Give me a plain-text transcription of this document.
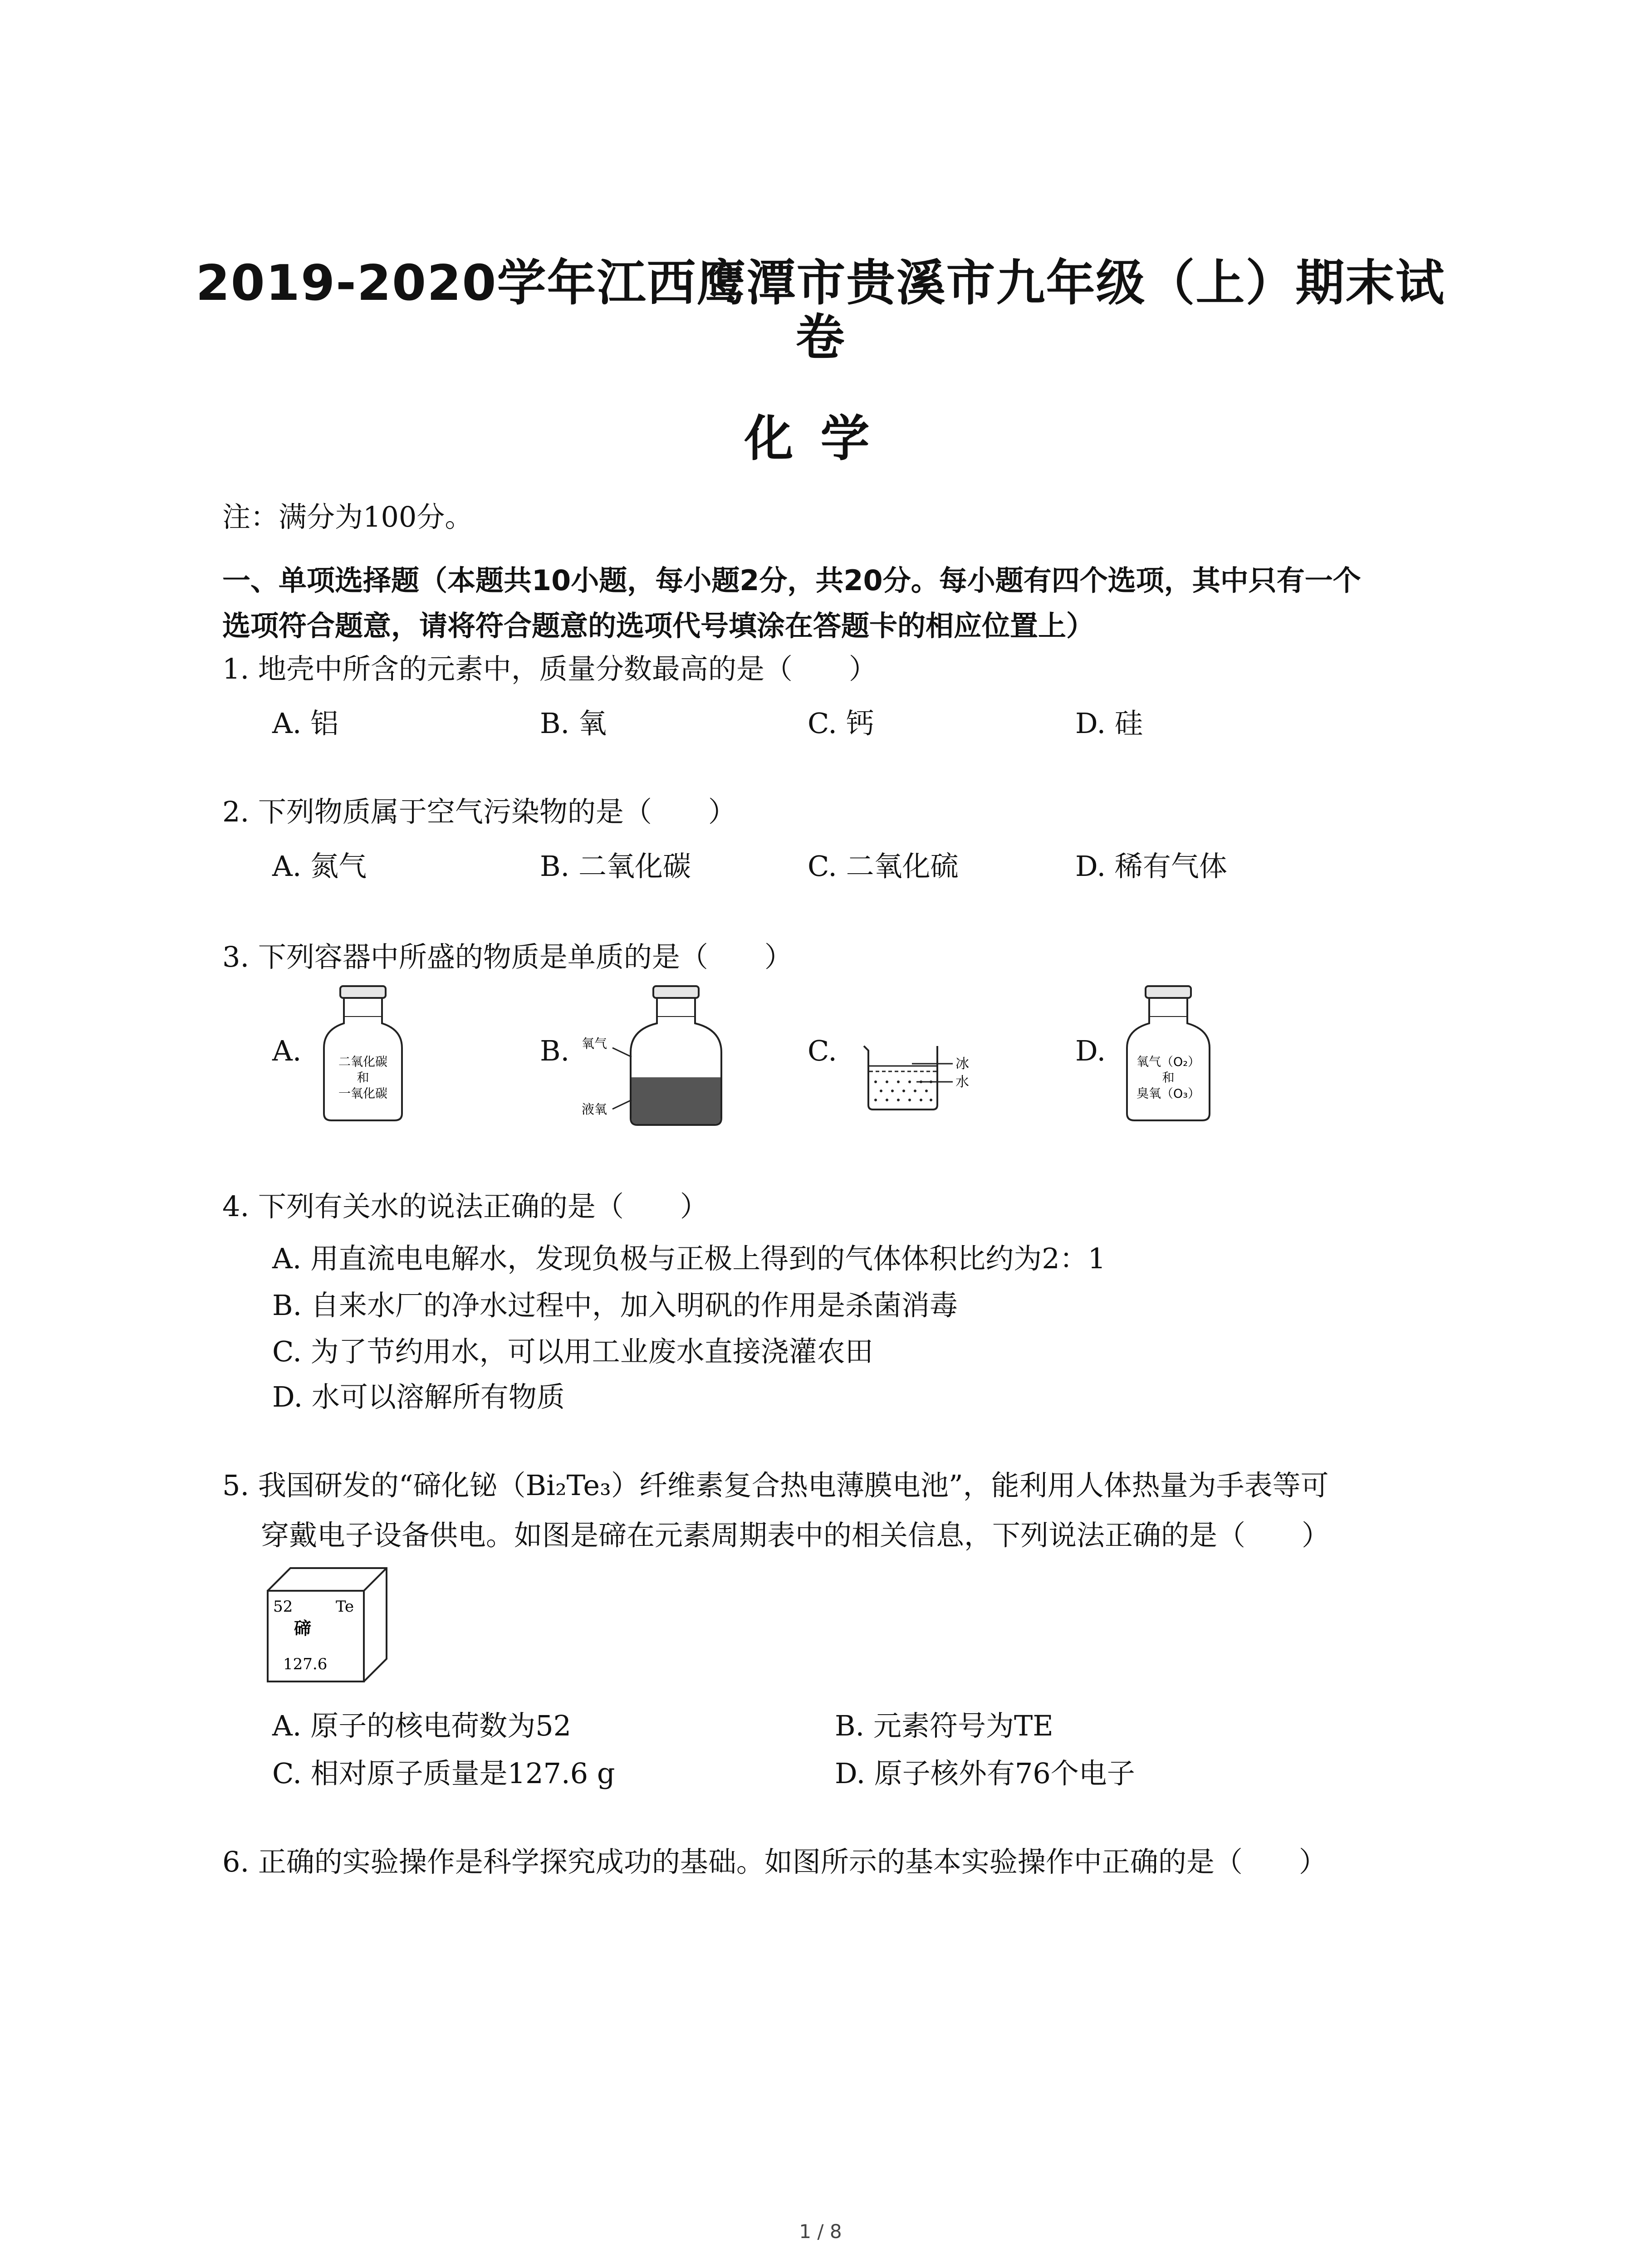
2019-2020学年江西鹰潭市贵溪市九年级（上）期末试
卷
化学
注：满分为100分。
一、单项选择题（本题共10小题，每小题2分，共20分。每小题有四个选项，其中只有一个
选项符合题意，请将符合题意的选项代号填涂在答题卡的相应位置上）
1. 地壳中所含的元素中，质量分数最高的是（　　）
A. 铝	B. 氧	C. 钙	D. 硅
2. 下列物质属于空气污染物的是（　　）
A. 氮气	B. 二氧化碳	C. 二氧化硫	D. 稀有气体
3. 下列容器中所盛的物质是单质的是（　　）
A.	B.	C.	D.
二氧化碳
和
一氧化碳
氧气
液氧
冰
水
氧气（O₂）
和
臭氧（O₃）
4. 下列有关水的说法正确的是（　　）
A. 用直流电电解水，发现负极与正极上得到的气体体积比约为2：1
B. 自来水厂的净水过程中，加入明矾的作用是杀菌消毒
C. 为了节约用水，可以用工业废水直接浇灌农田
D. 水可以溶解所有物质
5. 我国研发的“碲化铋（Bi₂Te₃）纤维素复合热电薄膜电池”，能利用人体热量为手表等可
穿戴电子设备供电。如图是碲在元素周期表中的相关信息，下列说法正确的是（　　）
52	Te
碲
127.6
A. 原子的核电荷数为52	B. 元素符号为TE
C. 相对原子质量是127.6 g	D. 原子核外有76个电子
6. 正确的实验操作是科学探究成功的基础。如图所示的基本实验操作中正确的是（　　）
1 / 8
